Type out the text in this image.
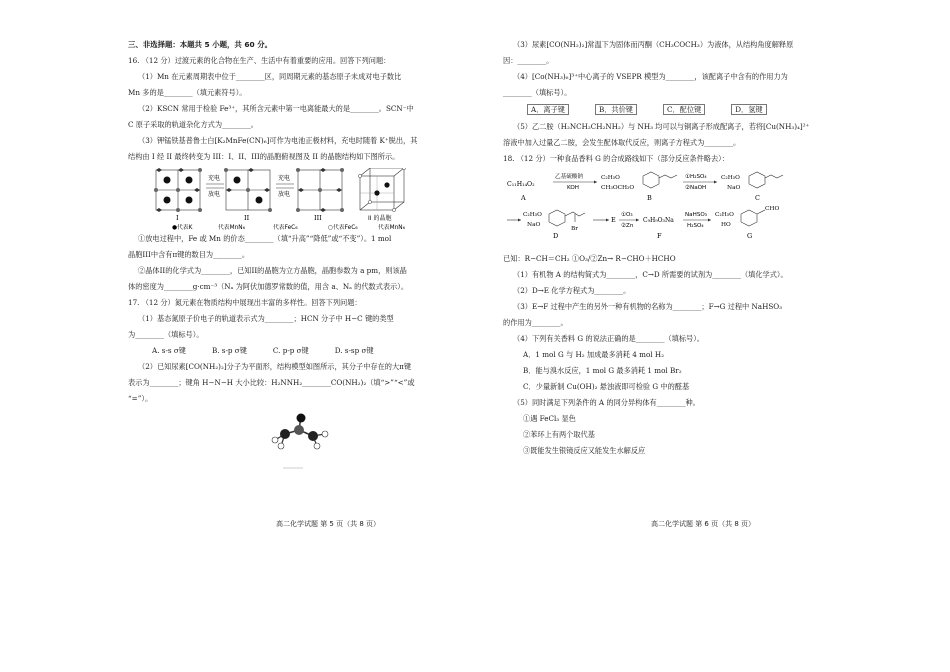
三、非选择题：本题共 5 小题，共 60 分。
16. （12 分）过渡元素的化合物在生产、生活中有着重要的应用。回答下列问题：
（1）Mn 在元素周期表中位于________区，同周期元素的基态原子未成对电子数比
Mn 多的是________（填元素符号）。
（2）KSCN 常用于检验 Fe³⁺，其所含元素中第一电离能最大的是________。SCN⁻中
C 原子采取的轨道杂化方式为________。
（3）钾锰铁基普鲁士白[K₂MnFe(CN)₆]可作为电池正极材料，充电时随着 K⁺脱出，其
结构由 I 经 II 最终转变为 III：I、II、III的晶胞俯视图及 II 的晶胞结构如下图所示。
充电
放电
充电
放电
I	II	III	II 的晶胞
●代表K	代表MnN₆	代表FeC₆	○代表FeC₆	代表MnN₆
①放电过程中，Fe 或 Mn 的价态________（填“升高”“降低”或“不变”）。1 mol
晶胞III中含有π键的数目为________。
②晶体II的化学式为________，已知II的晶胞为立方晶胞，晶胞参数为 a pm，则该晶
体的密度为________g·cm⁻³（Nₐ 为阿伏加德罗常数的值，用含 a、Nₐ 的代数式表示）。
17. （12 分）氮元素在物质结构中展现出丰富的多样性。回答下列问题：
（1）基态氮原子价电子的轨道表示式为________；HCN 分子中 H−C 键的类型
为________（填标号）。
A. s-s σ键	B. s-p σ键	C. p-p σ键	D. s-sp σ键
（2）已知尿素[CO(NH₂)₂]分子为平面形，结构模型如图所示，其分子中存在的大π键
表示为________；键角 H−N−H 大小比较：H₂NNH₂________CO(NH₂)₂（填“>”“<”或
“=”）。
高二化学试题 第 5 页（共 8 页）
（3）尿素[CO(NH₂)₂]常温下为固体而丙酮（CH₃COCH₃）为液体，从结构角度解释原
因：________。
（4）[Co(NH₃)₆]³⁺中心离子的 VSEPR 模型为________，该配离子中含有的作用力为
________（填标号）。
A．离子键	B．共价键	C．配位键	D．氢键
（5）乙二胺（H₂NCH₂CH₂NH₂）与 NH₃ 均可以与铜离子形成配离子，若将[Cu(NH₃)₄]²⁺
溶液中加入过量乙二胺，会发生配体取代反应，则离子方程式为________。
18. （12 分）一种食品香料 G 的合成路线如下（部分反应条件略去）：
C₁₁H₁₄O₂
A
乙基硫酸钠
KOH
C₂H₅O
CH₃OCH₂O
B
①H₂SO₄
②NaOH
C₂H₅O
NaO
C
C₂H₅O
NaO
Br
D
E
①O₃
②Zn
C₉H₉O₃Na
F
NaHSO₃
H₂SO₄
C₂H₅O
HO
CHO
G
已知：R−CH＝CH₂ ①O₃/②Zn→ R−CHO＋HCHO
（1）有机物 A 的结构简式为________，C→D 所需要的试剂为________（填化学式）。
（2）D→E 化学方程式为________。
（3）E→F 过程中产生的另外一种有机物的名称为________；F→G 过程中 NaHSO₃
的作用为________。
（4）下列有关香料 G 的说法正确的是________（填标号）。
A．1 mol G 与 H₂ 加成最多消耗 4 mol H₂
B．能与溴水反应，1 mol G 最多消耗 1 mol Br₂
C．少量新制 Cu(OH)₂ 悬浊液即可检验 G 中的醛基
（5）同时满足下列条件的 A 的同分异构体有________种。
①遇 FeCl₃ 显色
②苯环上有两个取代基
③既能发生银镜反应又能发生水解反应
高二化学试题 第 6 页（共 8 页）
